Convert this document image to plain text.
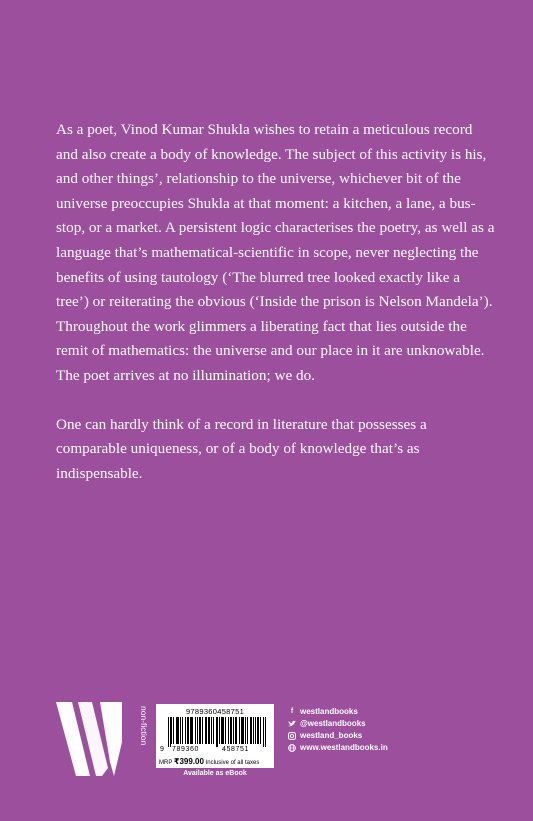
As a poet, Vinod Kumar Shukla wishes to retain a meticulous record and also create a body of knowledge. The subject of this activity is his, and other things’, relationship to the universe, whichever bit of the universe preoccupies Shukla at that moment: a kitchen, a lane, a bus-stop, or a market. A persistent logic characterises the poetry, as well as a language that’s mathematical-scientific in scope, never neglecting the benefits of using tautology (‘The blurred tree looked exactly like a tree’) or reiterating the obvious (‘Inside the prison is Nelson Mandela’). Throughout the work glimmers a liberating fact that lies outside the remit of mathematics: the universe and our place in it are unknowable. The poet arrives at no illumination; we do.

One can hardly think of a record in literature that possesses a comparable uniqueness, or of a body of knowledge that’s as indispensable.

non-fiction	9789360458751
9 789360	458751
MRP ₹399.00 Inclusive of all taxes
Available as eBook
f westlandbooks
@westlandbooks
westland_books
www.westlandbooks.in
